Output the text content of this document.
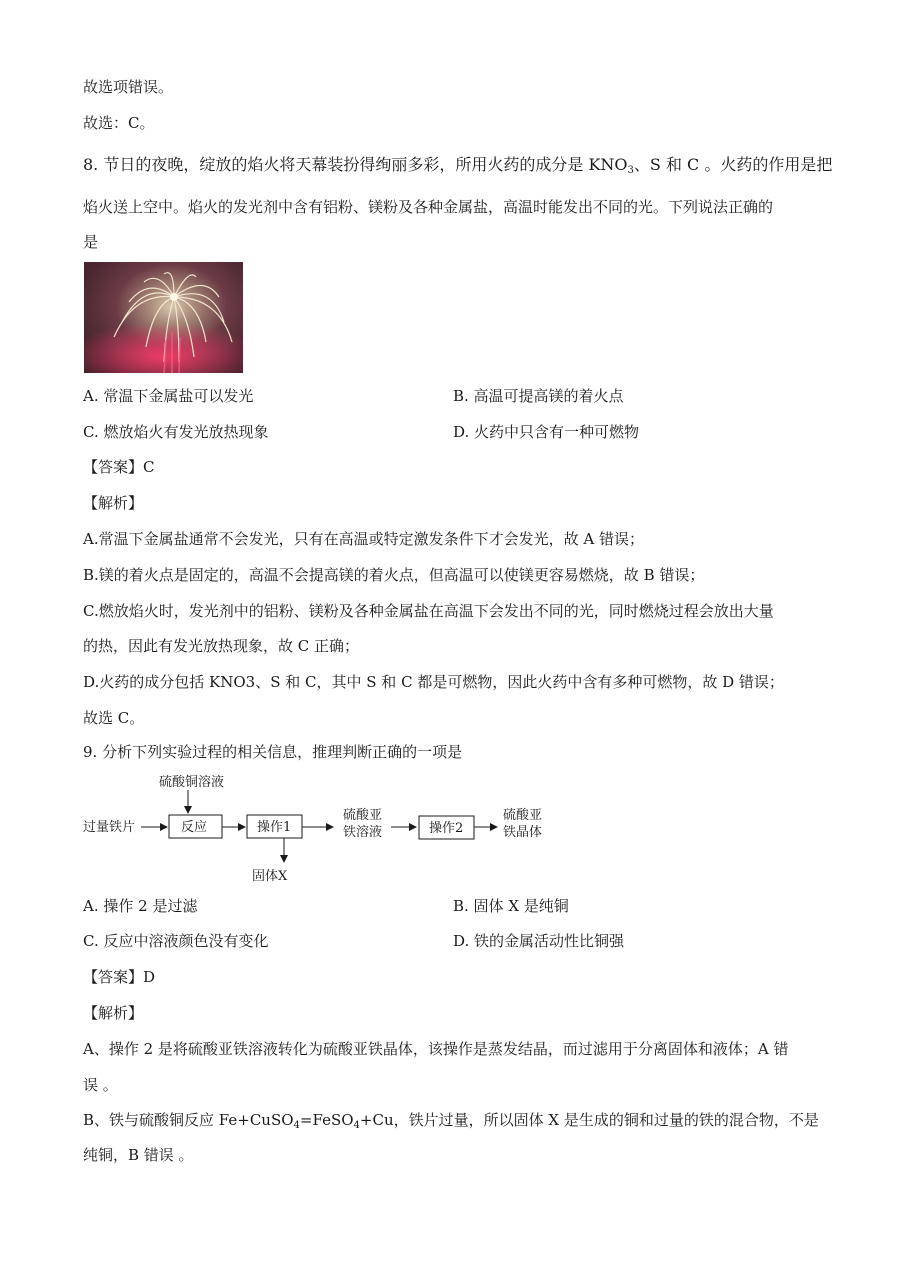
故选项错误。
故选：C。
8. 节日的夜晚，绽放的焰火将天幕装扮得绚丽多彩，所用火药的成分是 $KNO_3$、S 和 C 。火药的作用是把
焰火送上空中。焰火的发光剂中含有铝粉、镁粉及各种金属盐，高温时能发出不同的光。下列说法正确的
是
A. 常温下金属盐可以发光	B. 高温可提高镁的着火点
C. 燃放焰火有发光放热现象	D. 火药中只含有一种可燃物
【答案】C
【解析】
A.常温下金属盐通常不会发光，只有在高温或特定激发条件下才会发光，故 A 错误；
B.镁的着火点是固定的，高温不会提高镁的着火点，但高温可以使镁更容易燃烧，故 B 错误；
C.燃放焰火时，发光剂中的铝粉、镁粉及各种金属盐在高温下会发出不同的光，同时燃烧过程会放出大量
的热，因此有发光放热现象，故 C 正确；
D.火药的成分包括 KNO3、S 和 C，其中 S 和 C 都是可燃物，因此火药中含有多种可燃物，故 D 错误；
故选 C。
9. 分析下列实验过程的相关信息，推理判断正确的一项是
硫酸铜溶液
过量铁片	反应	操作1
固体X
硫酸亚
铁溶液	操作2
硫酸亚
铁晶体
A. 操作 2 是过滤	B. 固体 X 是纯铜
C. 反应中溶液颜色没有变化	D. 铁的金属活动性比铜强
【答案】D
【解析】
A、操作 2 是将硫酸亚铁溶液转化为硫酸亚铁晶体，该操作是蒸发结晶，而过滤用于分离固体和液体；A 错
误 。
B、铁与硫酸铜反应 Fe+CuSO$_4$=FeSO$_4$+Cu，铁片过量，所以固体 X 是生成的铜和过量的铁的混合物，不是
纯铜，B 错误 。
